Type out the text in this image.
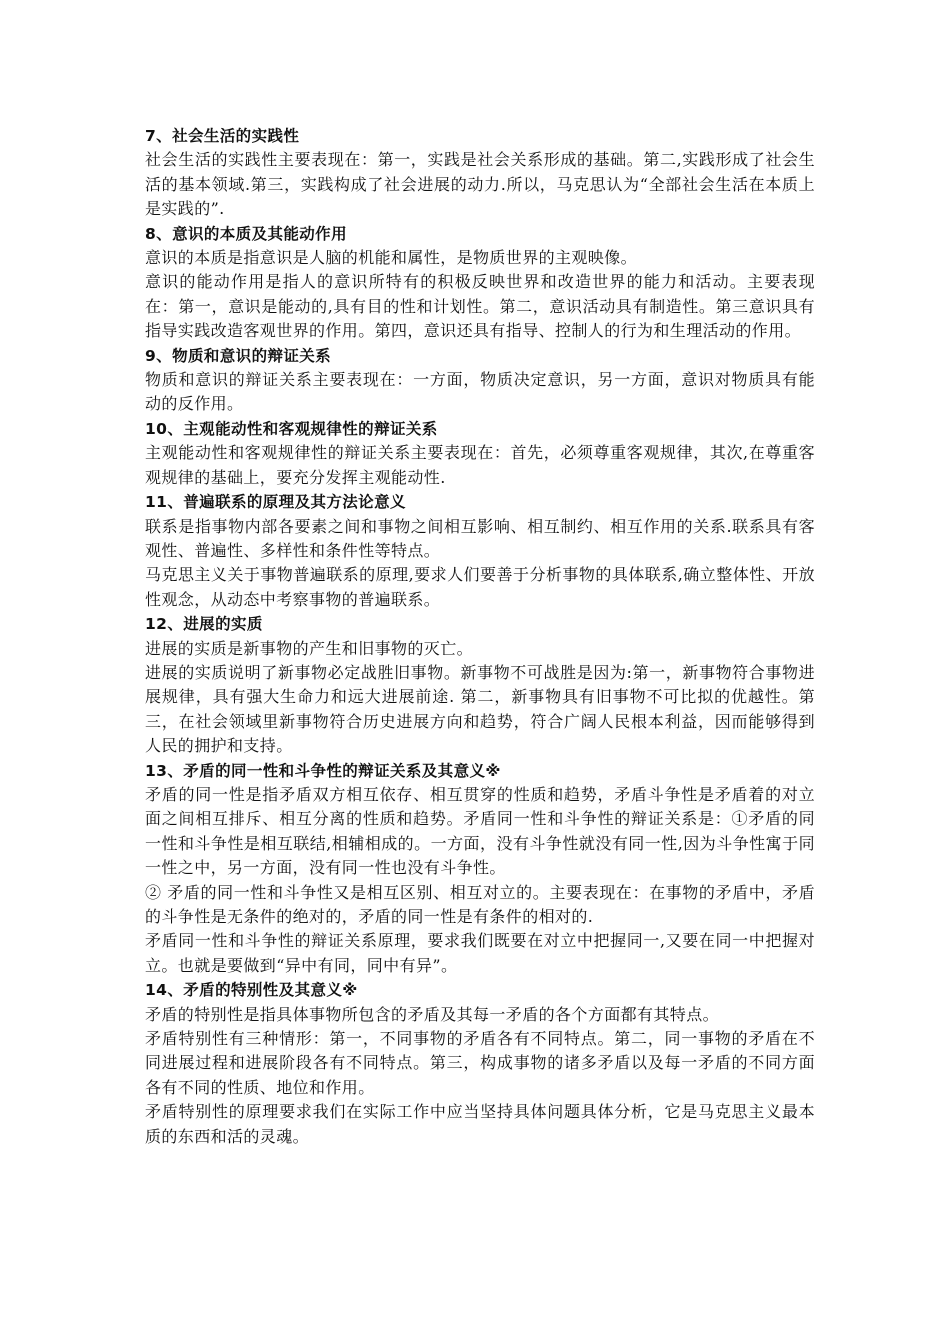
7、社会生活的实践性
社会生活的实践性主要表现在：第一，实践是社会关系形成的基础。第二,实践形成了社会生活的基本领域.第三，实践构成了社会进展的动力.所以，马克思认为“全部社会生活在本质上是实践的”.
8、意识的本质及其能动作用
意识的本质是指意识是人脑的机能和属性，是物质世界的主观映像。
意识的能动作用是指人的意识所特有的积极反映世界和改造世界的能力和活动。主要表现在：第一，意识是能动的,具有目的性和计划性。第二，意识活动具有制造性。第三意识具有指导实践改造客观世界的作用。第四，意识还具有指导、控制人的行为和生理活动的作用。
9、物质和意识的辩证关系
物质和意识的辩证关系主要表现在：一方面，物质决定意识，另一方面，意识对物质具有能动的反作用。
10、主观能动性和客观规律性的辩证关系
主观能动性和客观规律性的辩证关系主要表现在：首先，必须尊重客观规律，其次,在尊重客观规律的基础上，要充分发挥主观能动性.
11、普遍联系的原理及其方法论意义
联系是指事物内部各要素之间和事物之间相互影响、相互制约、相互作用的关系.联系具有客观性、普遍性、多样性和条件性等特点。
马克思主义关于事物普遍联系的原理,要求人们要善于分析事物的具体联系,确立整体性、开放性观念，从动态中考察事物的普遍联系。
12、进展的实质
进展的实质是新事物的产生和旧事物的灭亡。
进展的实质说明了新事物必定战胜旧事物。新事物不可战胜是因为:第一，新事物符合事物进展规律，具有强大生命力和远大进展前途. 第二，新事物具有旧事物不可比拟的优越性。第三，在社会领域里新事物符合历史进展方向和趋势，符合广阔人民根本利益，因而能够得到人民的拥护和支持。
13、矛盾的同一性和斗争性的辩证关系及其意义※
矛盾的同一性是指矛盾双方相互依存、相互贯穿的性质和趋势，矛盾斗争性是矛盾着的对立面之间相互排斥、相互分离的性质和趋势。矛盾同一性和斗争性的辩证关系是：①矛盾的同一性和斗争性是相互联结,相辅相成的。一方面，没有斗争性就没有同一性,因为斗争性寓于同一性之中，另一方面，没有同一性也没有斗争性。
② 矛盾的同一性和斗争性又是相互区别、相互对立的。主要表现在：在事物的矛盾中，矛盾的斗争性是无条件的绝对的，矛盾的同一性是有条件的相对的.
矛盾同一性和斗争性的辩证关系原理，要求我们既要在对立中把握同一,又要在同一中把握对立。也就是要做到“异中有同，同中有异”。
14、矛盾的特别性及其意义※
矛盾的特别性是指具体事物所包含的矛盾及其每一矛盾的各个方面都有其特点。
矛盾特别性有三种情形：第一，不同事物的矛盾各有不同特点。第二，同一事物的矛盾在不同进展过程和进展阶段各有不同特点。第三，构成事物的诸多矛盾以及每一矛盾的不同方面各有不同的性质、地位和作用。
矛盾特别性的原理要求我们在实际工作中应当坚持具体问题具体分析，它是马克思主义最本质的东西和活的灵魂。
